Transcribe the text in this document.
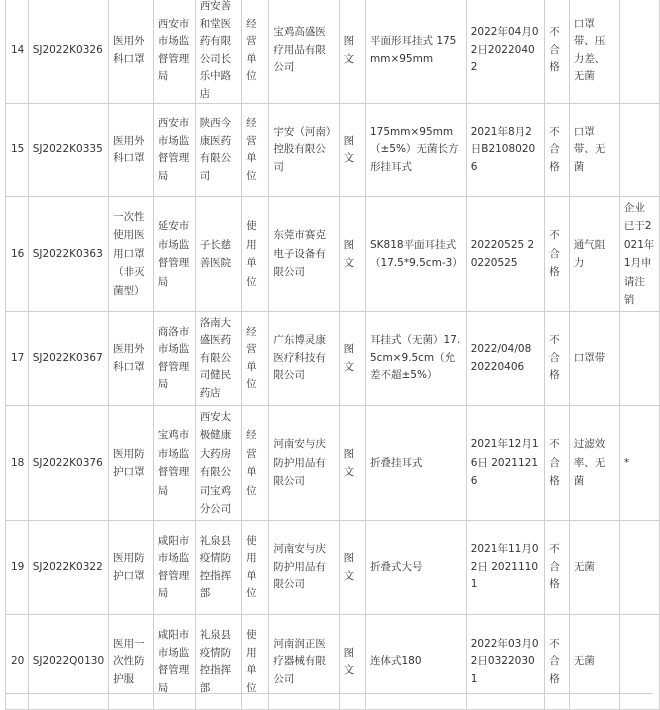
14	SJ2022K0326	医用外科口罩	西安市市场监督管理局	西安善和堂医药有限公司长乐中路店	经营单位	宝鸡高盛医疗用品有限公司	图文	平面形耳挂式 175mm×95mm	2022年04月02日20220402	不合格	口罩带、压力差、无菌	
15	SJ2022K0335	医用外科口罩	西安市市场监督管理局	陕西今康医药有限公司	经营单位	宇安（河南）控股有限公司	图文	175mm×95mm（±5%）无菌长方形挂耳式	2021年8月2日B21080206	不合格	口罩带、无菌	
16	SJ2022K0363	一次性使用医用口罩（非灭菌型）	延安市市场监督管理局	子长慈善医院	使用单位	东莞市赛克电子设备有限公司	图文	SK818平面耳挂式（17.5*9.5cm-3）	20220525 20220525	不合格	通气阻力	企业已于2021年1月申请注销
17	SJ2022K0367	医用外科口罩	商洛市市场监督管理局	洛南大盛医药有限公司健民药店	经营单位	广东博灵康医疗科技有限公司	图文	耳挂式（无菌）17.5cm×9.5cm（允差不超±5%）	2022/04/08 20220406	不合格	口罩带	
18	SJ2022K0376	医用防护口罩	宝鸡市市场监督管理局	西安太极健康大药房有限公司宝鸡分公司	经营单位	河南安与庆防护用品有限公司	图文	折叠挂耳式	2021年12月16日 20211216	不合格	过滤效率、无菌	*
19	SJ2022K0322	医用防护口罩	咸阳市市场监督管理局	礼泉县疫情防控指挥部	使用单位	河南安与庆防护用品有限公司	图文	折叠式大号	2021年11月02日 20211101	不合格	无菌	
20	SJ2022Q0130	医用一次性防护服	咸阳市市场监督管理局	礼泉县疫情防控指挥部	使用单位	河南润正医疗器械有限公司	图文	连体式180	2022年03月02日03220301	不合格	无菌	
